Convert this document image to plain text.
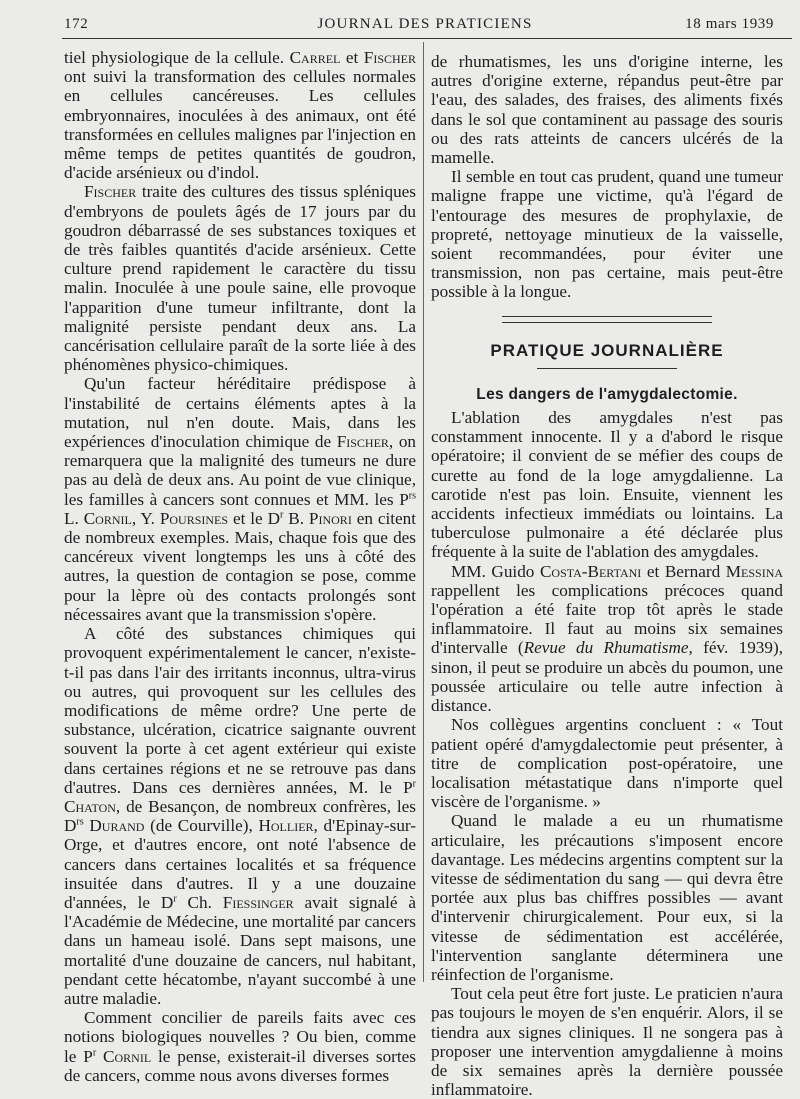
172	JOURNAL DES PRATICIENS	18 mars 1939

tiel physiologique de la cellule. Carrel et Fischer ont suivi la transformation des cellules normales en cellules cancéreuses. Les cellules embryonnaires, inoculées à des animaux, ont été transformées en cellules malignes par l'injection en même temps de petites quantités de goudron, d'acide arsénieux ou d'indol.

Fischer traite des cultures des tissus spléniques d'embryons de poulets âgés de 17 jours par du goudron débarrassé de ses substances toxiques et de très faibles quantités d'acide arsénieux. Cette culture prend rapidement le caractère du tissu malin. Inoculée à une poule saine, elle provoque l'apparition d'une tumeur infiltrante, dont la malignité persiste pendant deux ans. La cancérisation cellulaire paraît de la sorte liée à des phénomènes physico-chimiques.

Qu'un facteur héréditaire prédispose à l'instabilité de certains éléments aptes à la mutation, nul n'en doute. Mais, dans les expériences d'inoculation chimique de Fischer, on remarquera que la malignité des tumeurs ne dure pas au delà de deux ans. Au point de vue clinique, les familles à cancers sont connues et MM. les $P^{rs}$ L. Cornil, Y. Poursines et le $D^r$ B. Pinori en citent de nombreux exemples. Mais, chaque fois que des cancéreux vivent longtemps les uns à côté des autres, la question de contagion se pose, comme pour la lèpre où des contacts prolongés sont nécessaires avant que la transmission s'opère.

A côté des substances chimiques qui provoquent expérimentalement le cancer, n'existe-t-il pas dans l'air des irritants inconnus, ultra-virus ou autres, qui provoquent sur les cellules des modifications de même ordre? Une perte de substance, ulcération, cicatrice saignante ouvrent souvent la porte à cet agent extérieur qui existe dans certaines régions et ne se retrouve pas dans d'autres. Dans ces dernières années, M. le $P^r$ Chaton, de Besançon, de nombreux confrères, les $D^{rs}$ Durand (de Courville), Hollier, d'Epinay-sur-Orge, et d'autres encore, ont noté l'absence de cancers dans certaines localités et sa fréquence insuitée dans d'autres. Il y a une douzaine d'années, le $D^r$ Ch. Fiessinger avait signalé à l'Académie de Médecine, une mortalité par cancers dans un hameau isolé. Dans sept maisons, une mortalité d'une douzaine de cancers, nul habitant, pendant cette hécatombe, n'ayant succombé à une autre maladie.

Comment concilier de pareils faits avec ces notions biologiques nouvelles ? Ou bien, comme le $P^r$ Cornil le pense, existerait-il diverses sortes de cancers, comme nous avons diverses formes

de rhumatismes, les uns d'origine interne, les autres d'origine externe, répandus peut-être par l'eau, des salades, des fraises, des aliments fixés dans le sol que contaminent au passage des souris ou des rats atteints de cancers ulcérés de la mamelle.

Il semble en tout cas prudent, quand une tumeur maligne frappe une victime, qu'à l'égard de l'entourage des mesures de prophylaxie, de propreté, nettoyage minutieux de la vaisselle, soient recommandées, pour éviter une transmission, non pas certaine, mais peut-être possible à la longue.

PRATIQUE JOURNALIÈRE
Les dangers de l'amygdalectomie.

L'ablation des amygdales n'est pas constamment innocente. Il y a d'abord le risque opératoire; il convient de se méfier des coups de curette au fond de la loge amygdalienne. La carotide n'est pas loin. Ensuite, viennent les accidents infectieux immédiats ou lointains. La tuberculose pulmonaire a été déclarée plus fréquente à la suite de l'ablation des amygdales.

MM. Guido Costa-Bertani et Bernard Messina rappellent les complications précoces quand l'opération a été faite trop tôt après le stade inflammatoire. Il faut au moins six semaines d'intervalle (Revue du Rhumatisme, fév. 1939), sinon, il peut se produire un abcès du poumon, une poussée articulaire ou telle autre infection à distance.

Nos collègues argentins concluent : « Tout patient opéré d'amygdalectomie peut présenter, à titre de complication post-opératoire, une localisation métastatique dans n'importe quel viscère de l'organisme. »

Quand le malade a eu un rhumatisme articulaire, les précautions s'imposent encore davantage. Les médecins argentins comptent sur la vitesse de sédimentation du sang — qui devra être portée aux plus bas chiffres possibles — avant d'intervenir chirurgicalement. Pour eux, si la vitesse de sédimentation est accélérée, l'intervention sanglante déterminera une réinfection de l'organisme.

Tout cela peut être fort juste. Le praticien n'aura pas toujours le moyen de s'en enquérir. Alors, il se tiendra aux signes cliniques. Il ne songera pas à proposer une intervention amygdalienne à moins de six semaines après la dernière poussée inflammatoire.
